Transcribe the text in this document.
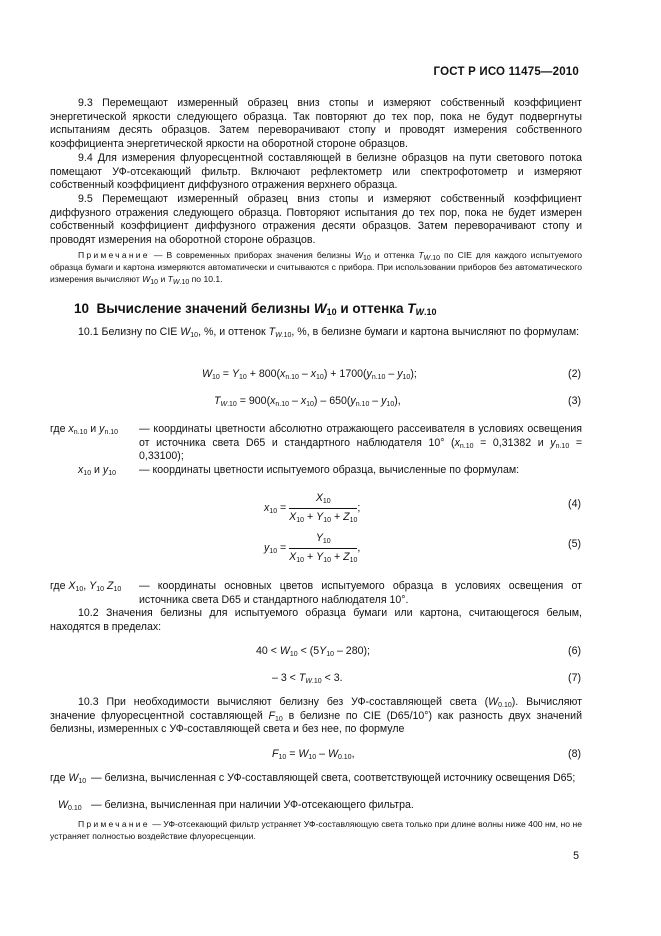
ГОСТ Р ИСО 11475—2010
9.3 Перемещают измеренный образец вниз стопы и измеряют собственный коэффициент энергетической яркости следующего образца. Так повторяют до тех пор, пока не будут подвергнуты испытаниям десять образцов. Затем переворачивают стопу и проводят измерения собственного коэффициента энергетической яркости на оборотной стороне образцов.
9.4 Для измерения флуоресцентной составляющей в белизне образцов на пути светового потока помещают УФ-отсекающий фильтр. Включают рефлектометр или спектрофотометр и измеряют собственный коэффициент диффузного отражения верхнего образца.
9.5 Перемещают измеренный образец вниз стопы и измеряют собственный коэффициент диффузного отражения следующего образца. Повторяют испытания до тех пор, пока не будет измерен собственный коэффициент диффузного отражения десяти образцов. Затем переворачивают стопу и проводят измерения на оборотной стороне образцов.
Примечание — В современных приборах значения белизны $W_{10}$ и оттенка $T_{W.10}$ по CIE для каждого испытуемого образца бумаги и картона измеряются автоматически и считываются с прибора. При использовании приборов без автоматического измерения вычисляют $W_{10}$ и $T_{W.10}$ по 10.1.
10 Вычисление значений белизны $W_{10}$ и оттенка $T_{W.10}$
10.1 Белизну по CIE $W_{10}$, %, и оттенок $T_{W.10}$, %, в белизне бумаги и картона вычисляют по формулам:
$W_{10} = Y_{10} + 800(x_{n.10} - x_{10}) + 1700(y_{n.10} - y_{10})$;	(2)
$T_{W.10} = 900(x_{n.10} - x_{10}) - 650(y_{n.10} - y_{10})$,	(3)
где $x_{n.10}$ и $y_{n.10}$ — координаты цветности абсолютно отражающего рассеивателя в условиях освещения от источника света D65 и стандартного наблюдателя 10° ($x_{n.10} = 0,31382$ и $y_{n.10} = 0,33100$);
$x_{10}$ и $y_{10}$ — координаты цветности испытуемого образца, вычисленные по формулам:
$x_{10} = \frac{X_{10}}{X_{10} + Y_{10} + Z_{10}}$ ;	(4)
$y_{10} = \frac{Y_{10}}{X_{10} + Y_{10} + Z_{10}}$ ,	(5)
где $X_{10}$, $Y_{10}$ $Z_{10}$ — координаты основных цветов испытуемого образца в условиях освещения от источника света D65 и стандартного наблюдателя 10°.
10.2 Значения белизны для испытуемого образца бумаги или картона, считающегося белым, находятся в пределах:
$40 < W_{10} < (5Y_{10} - 280)$;	(6)
– $3 < T_{W.10} < 3$.	(7)
10.3 При необходимости вычисляют белизну без УФ-составляющей света $(W_{0.10})$. Вычисляют значение флуоресцентной составляющей $F_{10}$ в белизне по CIE (D65/10°) как разность двух значений белизны, измеренных с УФ-составляющей света и без нее, по формуле
$F_{10} = W_{10} - W_{0.10}$,	(8)
где $W_{10}$ — белизна, вычисленная с УФ-составляющей света, соответствующей источнику освещения D65;
$W_{0.10}$ — белизна, вычисленная при наличии УФ-отсекающего фильтра.
Примечание — УФ-отсекающий фильтр устраняет УФ-составляющую света только при длине волны ниже 400 нм, но не устраняет полностью воздействие флуоресценции.
5
